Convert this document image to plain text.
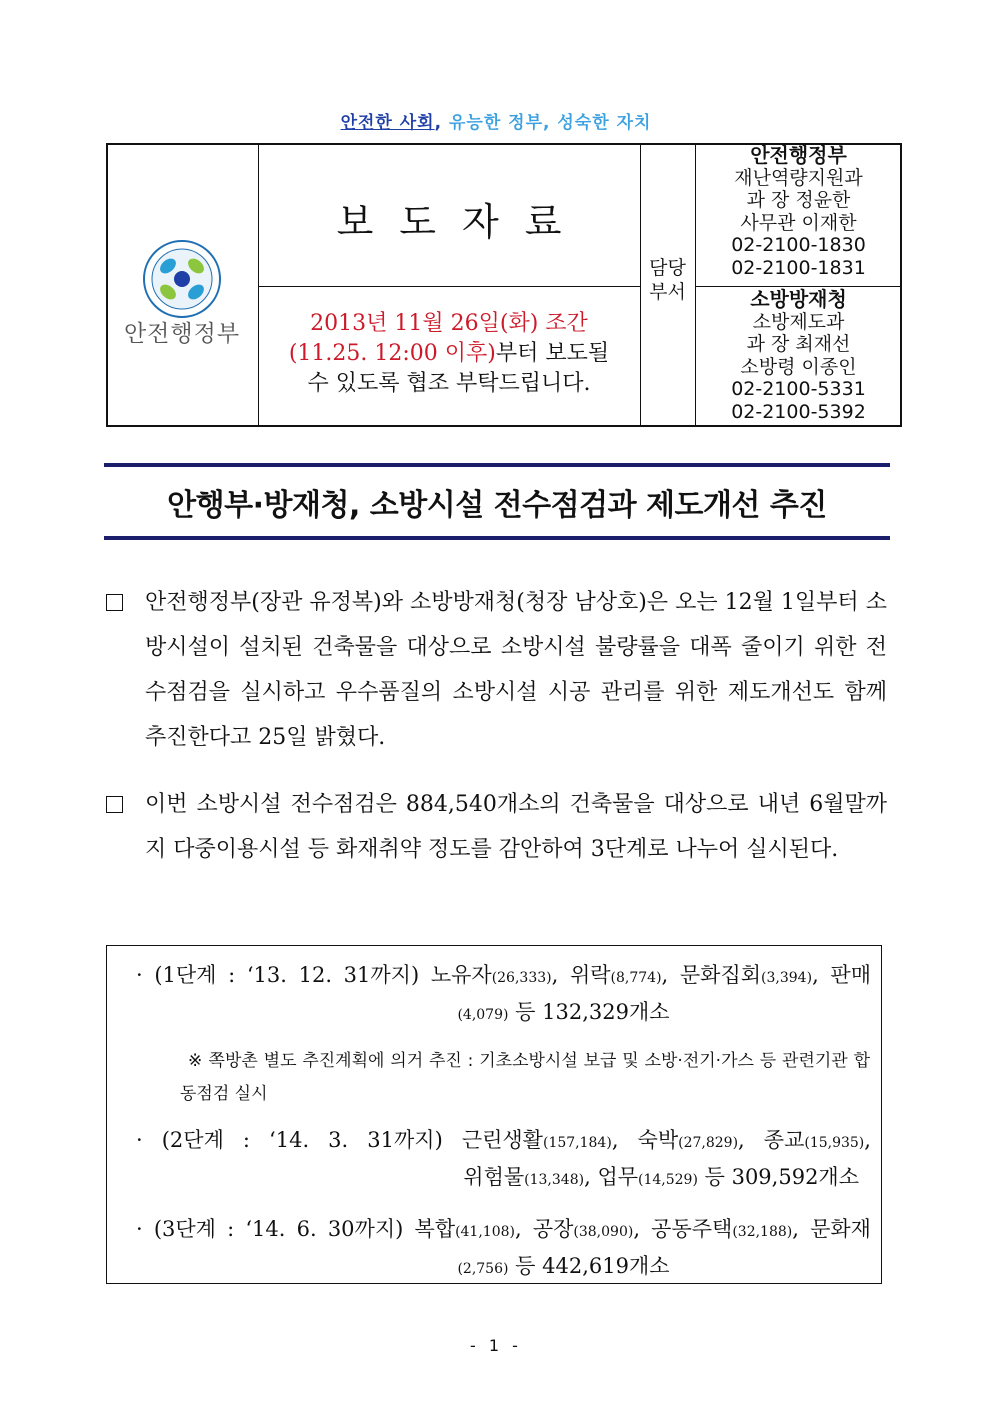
안전한 사회, 유능한 정부, 성숙한 자치
안전행정부
보도자료
2013년 11월 26일(화) 조간
(11.25. 12:00 이후)부터 보도될
수 있도록 협조 부탁드립니다.
담당
부서
안전행정부
재난역량지원과
과 장 정윤한
사무관 이재한
02-2100-1830
02-2100-1831
소방방재청
소방제도과
과 장 최재선
소방령 이종인
02-2100-5331
02-2100-5392
안행부·방재청, 소방시설 전수점검과 제도개선 추진
안전행정부(장관 유정복)와 소방방재청(청장 남상호)은 오는 12월 1일부터 소방시설이 설치된 건축물을 대상으로 소방시설 불량률을 대폭 줄이기 위한 전수점검을 실시하고 우수품질의 소방시설 시공 관리를 위한 제도개선도 함께 추진한다고 25일 밝혔다.
이번 소방시설 전수점검은 884,540개소의 건축물을 대상으로 내년 6월말까지 다중이용시설 등 화재취약 정도를 감안하여 3단계로 나누어 실시된다.
· (1단계 : ‘13. 12. 31까지) 노유자(26,333), 위락(8,774), 문화집회(3,394), 판매
(4,079) 등 132,329개소
※ 쪽방촌 별도 추진계획에 의거 추진 : 기초소방시설 보급 및 소방·전기·가스 등 관련기관 합동점검 실시
· (2단계 : ‘14. 3. 31까지) 근린생활(157,184), 숙박(27,829), 종교(15,935),
위험물(13,348), 업무(14,529) 등 309,592개소
· (3단계 : ‘14. 6. 30까지) 복합(41,108), 공장(38,090), 공동주택(32,188), 문화재
(2,756) 등 442,619개소
- 1 -
